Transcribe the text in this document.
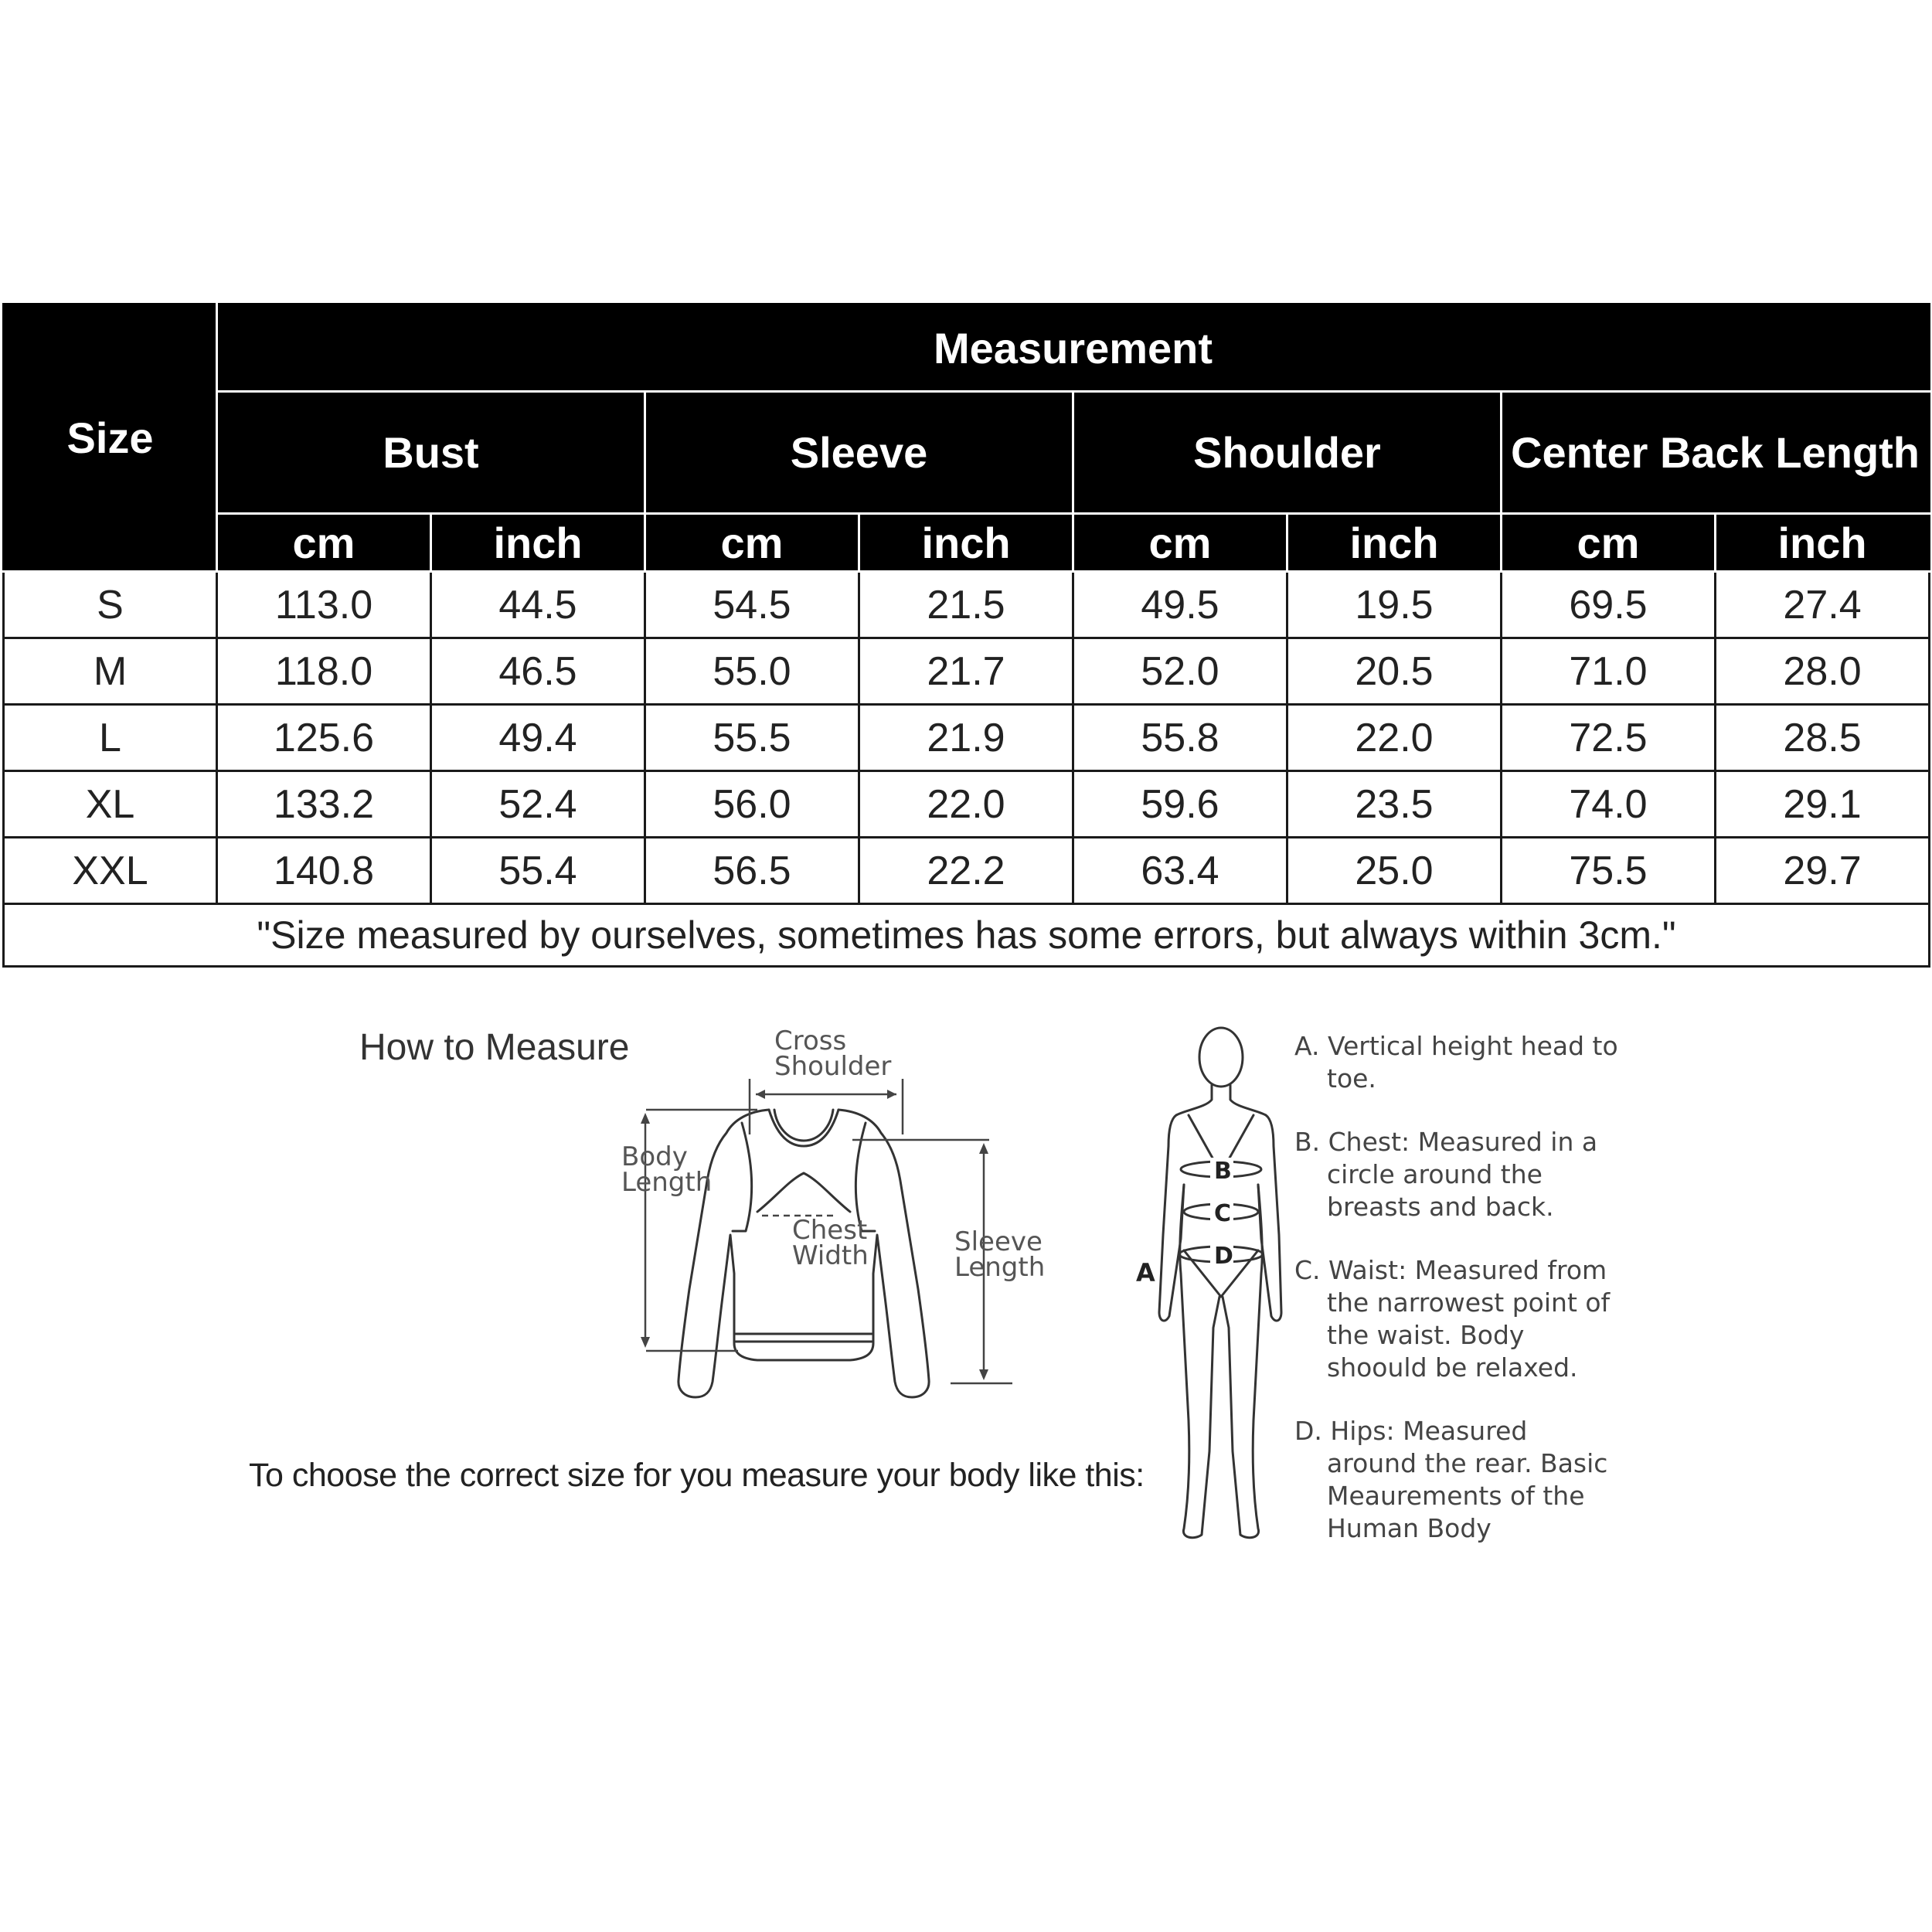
Size	Measurement							
	Bust		Sleeve		Shoulder		Center Back Length	
	cm	inch	cm	inch	cm	inch	cm	inch
S	113.0	44.5	54.5	21.5	49.5	19.5	69.5	27.4
M	118.0	46.5	55.0	21.7	52.0	20.5	71.0	28.0
L	125.6	49.4	55.5	21.9	55.8	22.0	72.5	28.5
XL	133.2	52.4	56.0	22.0	59.6	23.5	74.0	29.1
XXL	140.8	55.4	56.5	22.2	63.4	25.0	75.5	29.7
"Size measured by ourselves, sometimes has some errors, but always within 3cm."								
How to Measure	Cross
Shoulder
Body
Length
Chest
Width	Sleeve
Length
To choose the correct size for you measure your body like this:
B
C
D
A

A. Vertical height head to toe.

B. Chest: Measured in a circle around the breasts and back.

C. Waist: Measured from the narrowest point of the waist. Body shoould be relaxed.

D. Hips: Measured around the rear. Basic Meaurements of the Human Body
